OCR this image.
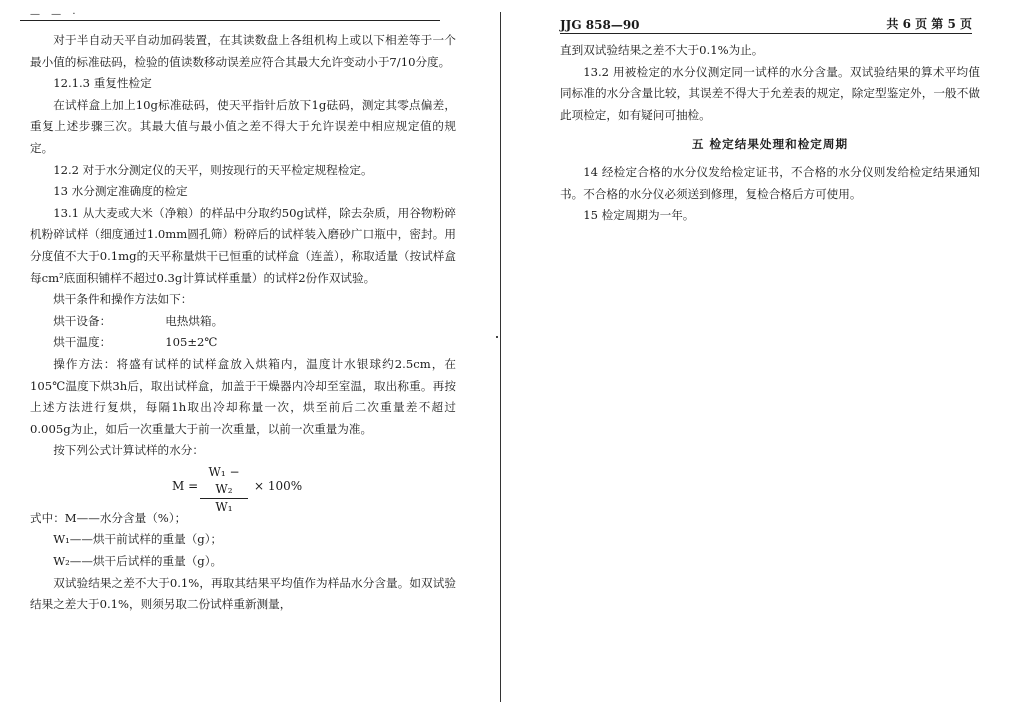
— — ·

对于半自动天平自动加码装置，在其读数盘上各组机构上或以下相差等于一个最小值的标准砝码，检验的值读数移动误差应符合其最大允许变动小于7/10分度。

12.1.3 重复性检定

在试样盒上加上10g标准砝码，使天平指针后放下1g砝码，测定其零点偏差，重复上述步骤三次。其最大值与最小值之差不得大于允许误差中相应规定值的规定。

12.2 对于水分测定仪的天平，则按现行的天平检定规程检定。

13 水分测定准确度的检定

13.1 从大麦或大米（净粮）的样品中分取约50g试样，除去杂质，用谷物粉碎机粉碎试样（细度通过1.0mm圆孔筛）粉碎后的试样装入磨砂广口瓶中，密封。用分度值不大于0.1mg的天平称量烘干已恒重的试样盒（连盖），称取适量（按试样盒每cm²底面积铺样不超过0.3g计算试样重量）的试样2份作双试验。

烘干条件和操作方法如下：

烘干设备：	电热烘箱。
烘干温度：	105±2℃

操作方法：将盛有试样的试样盒放入烘箱内，温度计水银球约2.5cm，在105℃温度下烘3h后，取出试样盒，加盖于干燥器内冷却至室温，取出称重。再按上述方法进行复烘，每隔1h取出冷却称量一次，烘至前后二次重量差不超过0.005g为止，如后一次重量大于前一次重量，以前一次重量为准。

按下列公式计算试样的水分：

$M = \frac{\text{W₁ − W₂}}{\text{W₁}} \times 100\%$

式中：M——水分含量（%）；

W₁——烘干前试样的重量（g）；

W₂——烘干后试样的重量（g）。

双试验结果之差不大于0.1%，再取其结果平均值作为样品水分含量。如双试验结果之差大于0.1%，则须另取二份试样重新测量，

JJG 858—90	共 6 页 第 5 页

直到双试验结果之差不大于0.1%为止。

13.2 用被检定的水分仪测定同一试样的水分含量。双试验结果的算术平均值同标准的水分含量比较，其误差不得大于允差表的规定，除定型鉴定外，一般不做此项检定，如有疑问可抽检。

五 检定结果处理和检定周期

14 经检定合格的水分仪发给检定证书，不合格的水分仪则发给检定结果通知书。不合格的水分仪必须送到修理，复检合格后方可使用。

15 检定周期为一年。
